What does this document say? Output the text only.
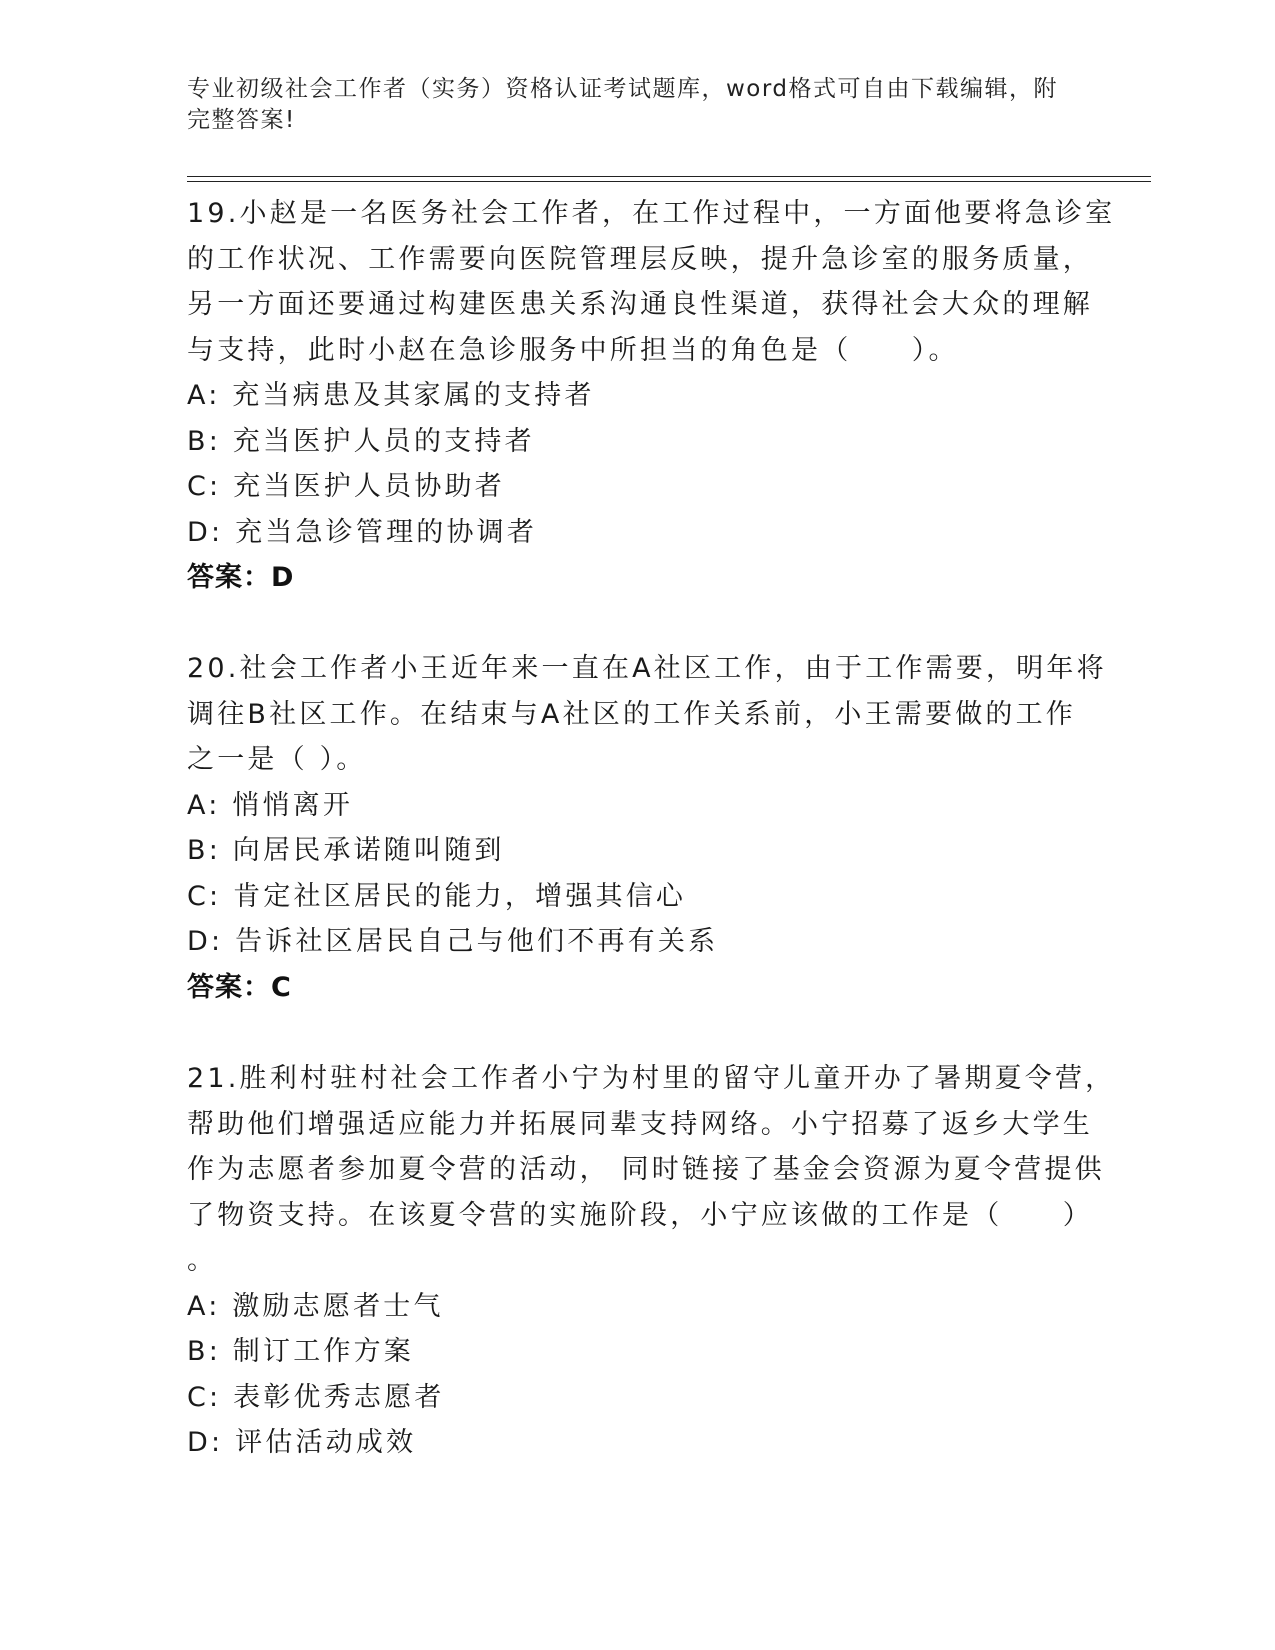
专业初级社会工作者（实务）资格认证考试题库，word格式可自由下载编辑，附
完整答案!
19.小赵是一名医务社会工作者，在工作过程中，一方面他要将急诊室
的工作状况、工作需要向医院管理层反映，提升急诊室的服务质量，
另一方面还要通过构建医患关系沟通良性渠道，获得社会大众的理解
与支持，此时小赵在急诊服务中所担当的角色是（　　）。
A: 充当病患及其家属的支持者
B: 充当医护人员的支持者
C: 充当医护人员协助者
D: 充当急诊管理的协调者
答案：D
20.社会工作者小王近年来一直在A社区工作，由于工作需要，明年将
调往B社区工作。在结束与A社区的工作关系前，小王需要做的工作
之一是（ ）。
A: 悄悄离开
B: 向居民承诺随叫随到
C: 肯定社区居民的能力，增强其信心
D: 告诉社区居民自己与他们不再有关系
答案：C
21.胜利村驻村社会工作者小宁为村里的留守儿童开办了暑期夏令营，
帮助他们增强适应能力并拓展同辈支持网络。小宁招募了返乡大学生
作为志愿者参加夏令营的活动， 同时链接了基金会资源为夏令营提供
了物资支持。在该夏令营的实施阶段，小宁应该做的工作是（　　）
。
A: 激励志愿者士气
B: 制订工作方案
C: 表彰优秀志愿者
D: 评估活动成效
